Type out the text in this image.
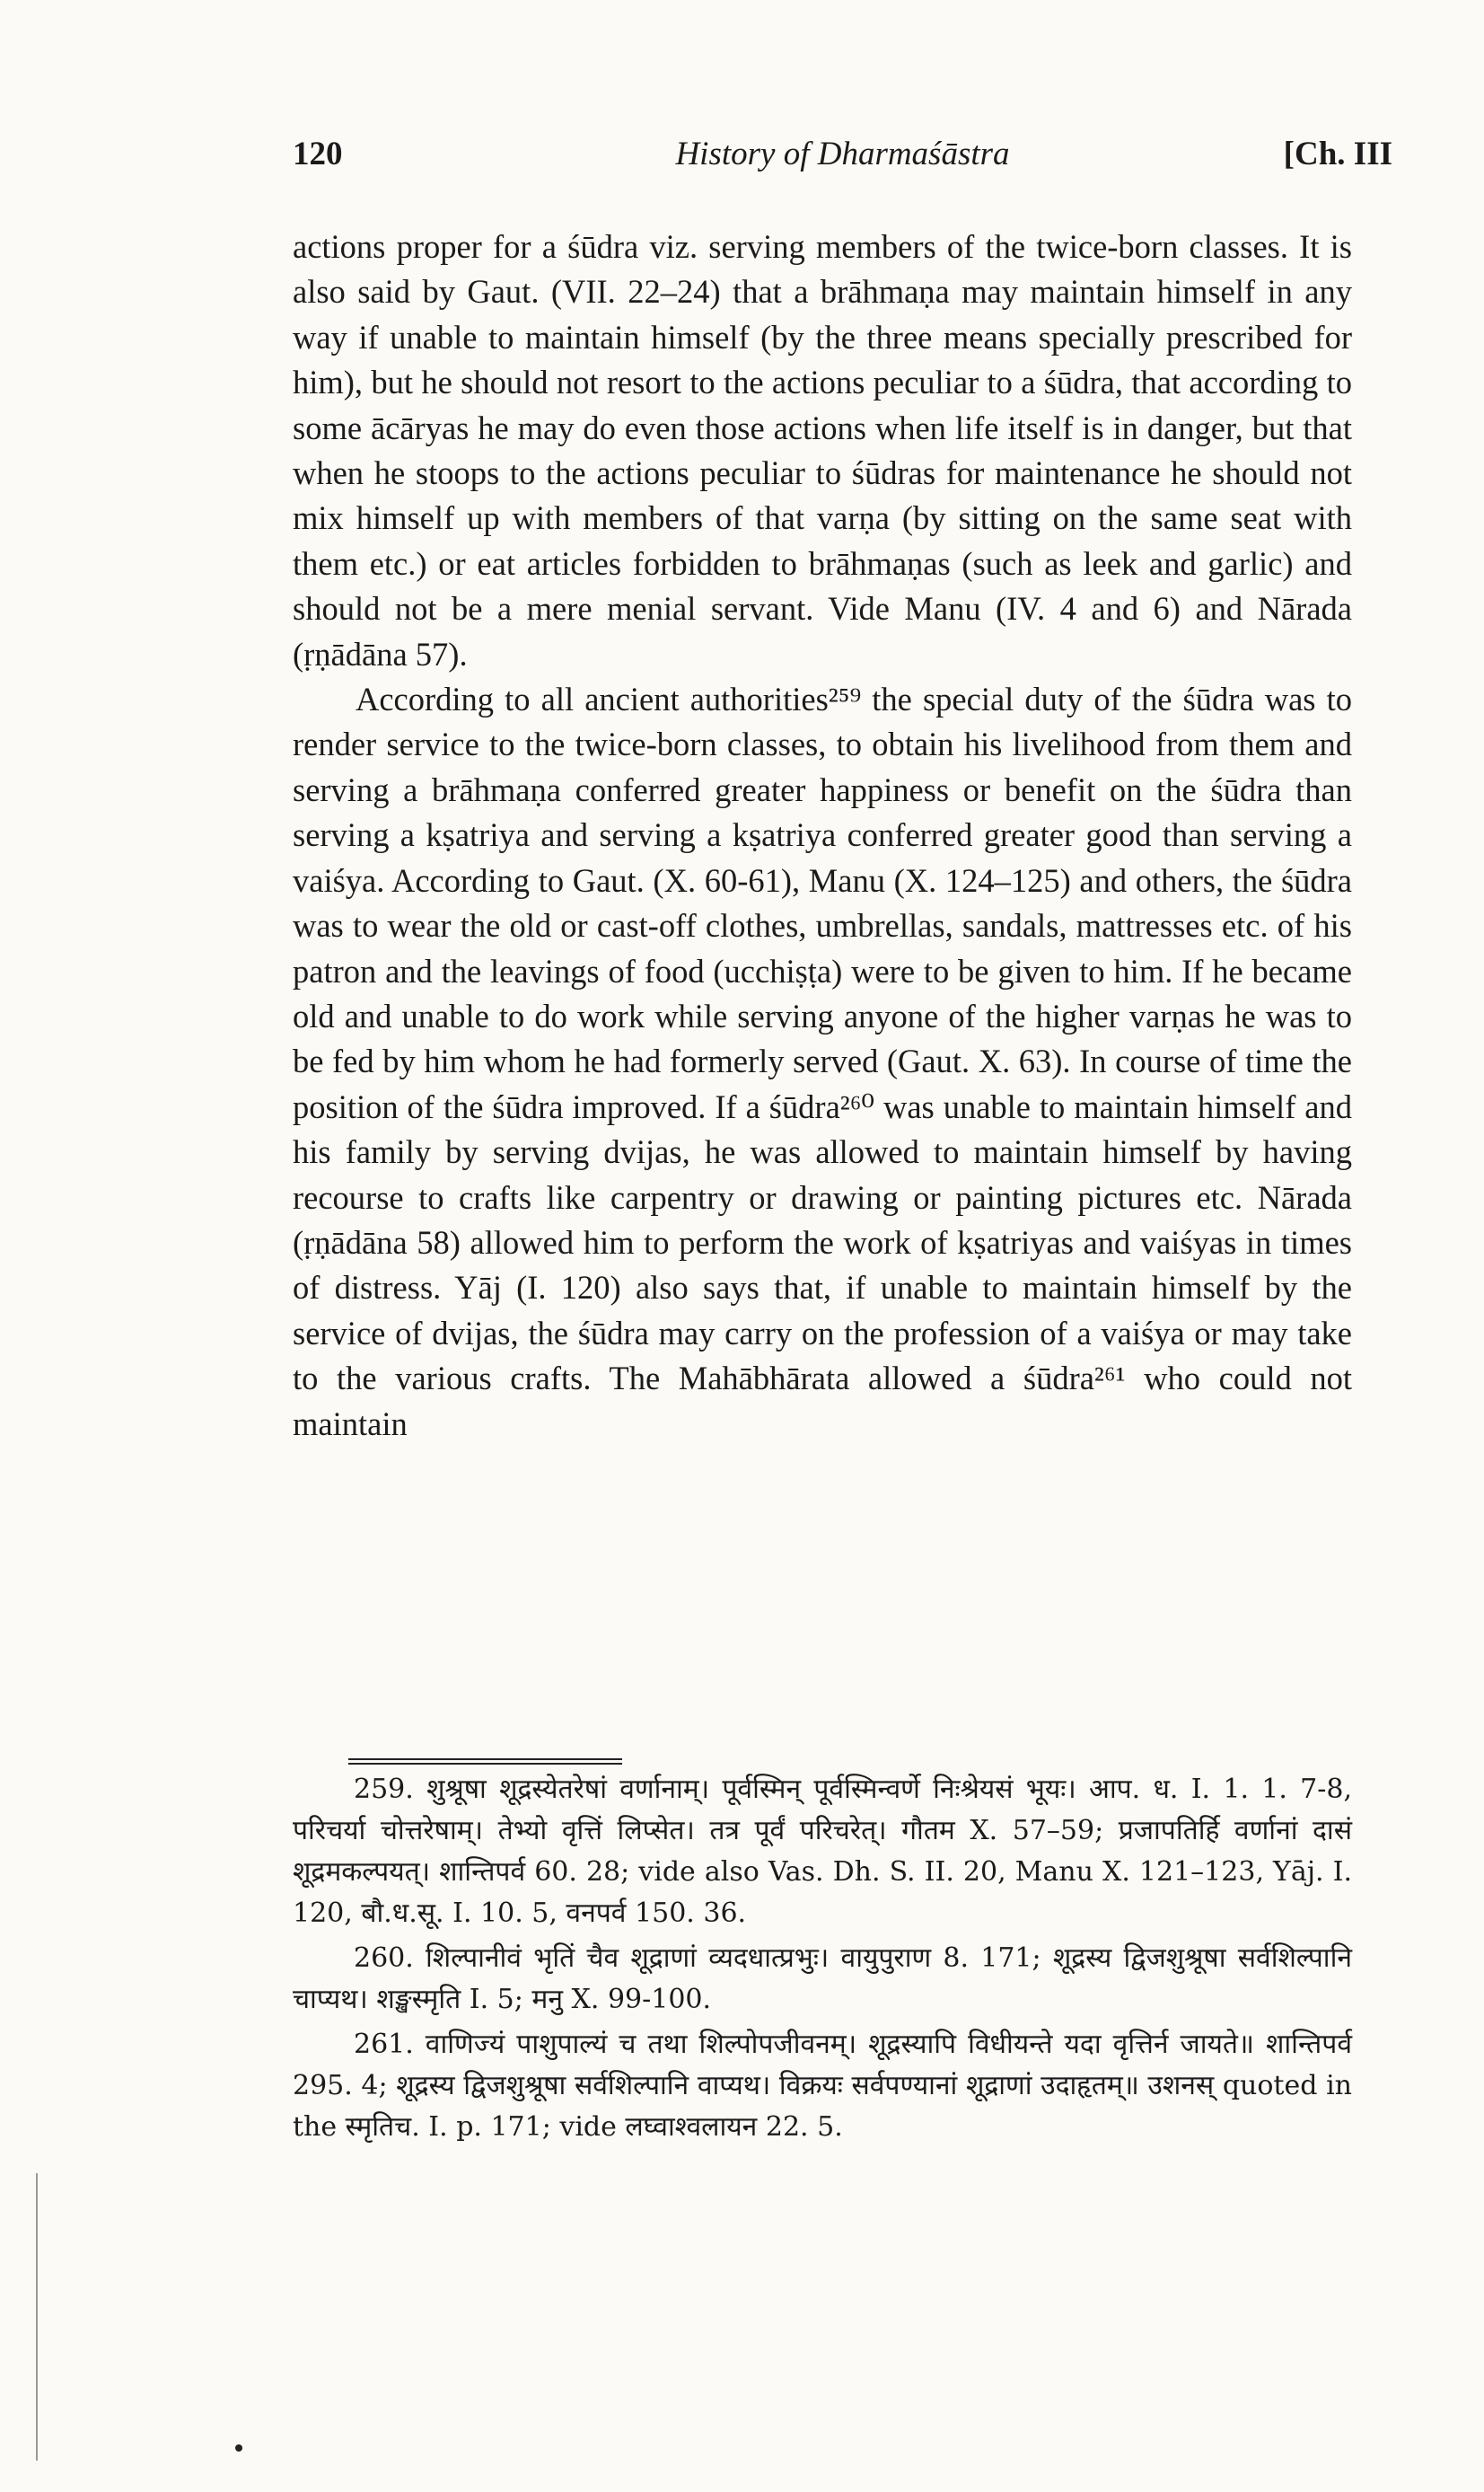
120	History of Dharmaśāstra	[Ch. III

actions proper for a śūdra viz. serving members of the twice-born classes. It is also said by Gaut. (VII. 22–24) that a brāhmaṇa may maintain himself in any way if unable to maintain himself (by the three means specially prescribed for him), but he should not resort to the actions peculiar to a śūdra, that according to some ācāryas he may do even those actions when life itself is in danger, but that when he stoops to the actions peculiar to śūdras for maintenance he should not mix himself up with members of that varṇa (by sitting on the same seat with them etc.) or eat articles forbidden to brāhmaṇas (such as leek and garlic) and should not be a mere menial servant. Vide Manu (IV. 4 and 6) and Nārada (ṛṇādāna 57).

According to all ancient authorities²⁵⁹ the special duty of the śūdra was to render service to the twice-born classes, to obtain his livelihood from them and serving a brāhmaṇa conferred greater happiness or benefit on the śūdra than serving a kṣatriya and serving a kṣatriya conferred greater good than serving a vaiśya. According to Gaut. (X. 60-61), Manu (X. 124–125) and others, the śūdra was to wear the old or cast-off clothes, umbrellas, sandals, mattresses etc. of his patron and the leavings of food (ucchiṣṭa) were to be given to him. If he became old and unable to do work while serving anyone of the higher varṇas he was to be fed by him whom he had formerly served (Gaut. X. 63). In course of time the position of the śūdra improved. If a śūdra²⁶⁰ was unable to maintain himself and his family by serving dvijas, he was allowed to maintain himself by having recourse to crafts like carpentry or drawing or painting pictures etc. Nārada (ṛṇādāna 58) allowed him to perform the work of kṣatriyas and vaiśyas in times of distress. Yāj (I. 120) also says that, if unable to maintain himself by the service of dvijas, the śūdra may carry on the profession of a vaiśya or may take to the various crafts. The Mahābhārata allowed a śūdra²⁶¹ who could not maintain

259. शुश्रूषा शूद्रस्येतरेषां वर्णानाम्। पूर्वस्मिन् पूर्वस्मिन्वर्णे निःश्रेयसं भूयः। आप. ध. I. 1. 1. 7-8, परिचर्या चोत्तरेषाम्। तेभ्यो वृत्तिं लिप्सेत। तत्र पूर्वं परिचरेत्। गौतम X. 57–59; प्रजापतिर्हि वर्णानां दासं शूद्रमकल्पयत्। शान्तिपर्व 60. 28; vide also Vas. Dh. S. II. 20, Manu X. 121–123, Yāj. I. 120, बौ.ध.सू. I. 10. 5, वनपर्व 150. 36.

260. शिल्पानीवं भृतिं चैव शूद्राणां व्यदधात्प्रभुः। वायुपुराण 8. 171; शूद्रस्य द्विजशुश्रूषा सर्वशिल्पानि चाप्यथ। शङ्खस्मृति I. 5; मनु X. 99-100.

261. वाणिज्यं पाशुपाल्यं च तथा शिल्पोपजीवनम्। शूद्रस्यापि विधीयन्ते यदा वृत्तिर्न जायते॥ शान्तिपर्व 295. 4; शूद्रस्य द्विजशुश्रूषा सर्वशिल्पानि वाप्यथ। विक्रयः सर्वपण्यानां शूद्राणां उदाहृतम्॥ उशनस् quoted in the स्मृतिच. I. p. 171; vide लघ्वाश्वलायन 22. 5.
